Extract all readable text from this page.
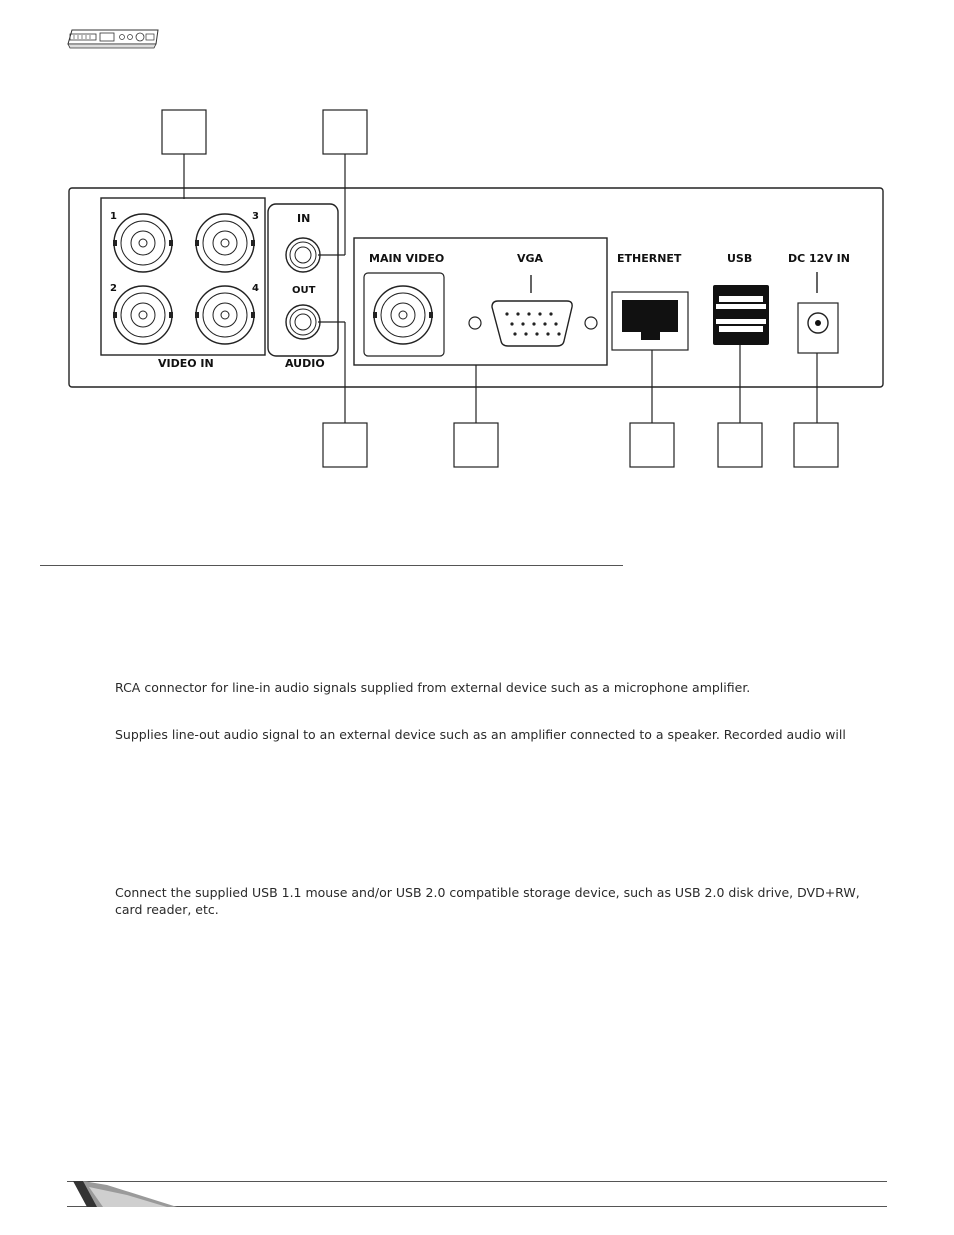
1	3
2	4
VIDEO IN
IN
OUT
AUDIO
MAIN VIDEO	VGA	ETHERNET	USB	DC 12V IN
RCA connector for line-in audio signals supplied from external device such as a microphone amplifier.
Supplies line-out audio signal to an external device such as an amplifier connected to a speaker. Recorded audio will
Connect the supplied USB 1.1 mouse and/or USB 2.0 compatible storage device, such as USB 2.0 disk drive, DVD+RW, card reader, etc.
